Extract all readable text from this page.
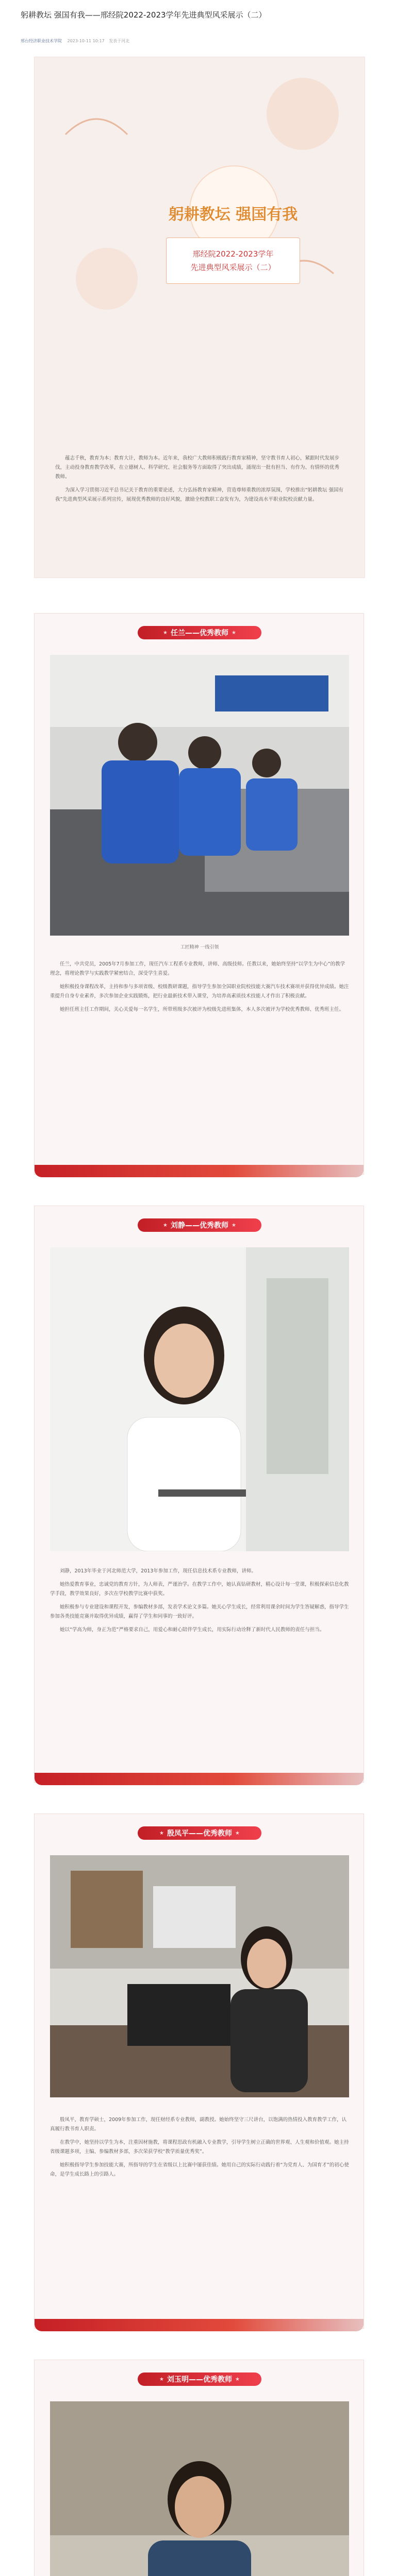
躬耕教坛 强国有我——邢经院2022-2023学年先进典型风采展示（二）
邢台经济职业技术学院 2023-10-11 10:17 发表于河北
躬耕教坛 强国有我
邢经院2022-2023学年
先进典型风采展示（二）

蕴志千秋，教育为本；教育大计，教师为本。近年来，我校广大教师积极践行教育家精神，坚守教书育人初心，紧跟时代发展步伐，主动投身教育教学改革，在立德树人、科学研究、社会服务等方面取得了突出成绩，涌现出一批有担当、有作为、有情怀的优秀教师。

为深入学习贯彻习近平总书记关于教育的重要论述，大力弘扬教育家精神，营造尊师重教的浓厚氛围，学校推出“躬耕教坛 强国有我”先进典型风采展示系列宣传，展现优秀教师的良好风貌，激励全校教职工奋发有为，为建设高水平职业院校贡献力量。

★ 任兰——优秀教师 ★
工匠精神 一线引领

任兰，中共党员，2005年7月参加工作，现任汽车工程系专业教师，讲师、高级技师。任教以来，她始终坚持“以学生为中心”的教学理念，将理论教学与实践教学紧密结合，深受学生喜爱。

她积极投身课程改革，主持和参与多项省级、校级教研课题，指导学生参加全国职业院校技能大赛汽车技术赛项并获得优异成绩。她注重提升自身专业素养，多次参加企业实践锻炼，把行业最新技术带入课堂，为培养高素质技术技能人才作出了积极贡献。

她担任班主任工作期间，关心关爱每一名学生，所带班级多次被评为校级先进班集体，本人多次被评为学校优秀教师、优秀班主任。

★ 刘静——优秀教师 ★

刘静，2013年毕业于河北师范大学，2013年参加工作，现任信息技术系专业教师，讲师。

她热爱教育事业，忠诚党的教育方针，为人师表，严谨治学。在教学工作中，她认真钻研教材，精心设计每一堂课，积极探索信息化教学手段，教学效果良好，多次在学校教学比赛中获奖。

她积极参与专业建设和课程开发，参编教材多部，发表学术论文多篇。她关心学生成长，经常利用课余时间为学生答疑解惑，指导学生参加各类技能竞赛并取得优异成绩，赢得了学生和同事的一致好评。

她以“学高为师，身正为范”严格要求自己，用爱心和耐心陪伴学生成长，用实际行动诠释了新时代人民教师的责任与担当。

★ 殷凤平——优秀教师 ★

殷凤平，教育学硕士，2009年参加工作，现任财经系专业教师，副教授。她始终坚守三尺讲台，以饱满的热情投入教育教学工作，认真履行教书育人职责。

在教学中，她坚持以学生为本，注重因材施教，将课程思政有机融入专业教学，引导学生树立正确的世界观、人生观和价值观。她主持省级课题多项，主编、参编教材多部，多次荣获学校“教学质量优秀奖”。

她积极指导学生参加技能大赛，所指导的学生在省级以上比赛中屡获佳绩。她用自己的实际行动践行着“为党育人、为国育才”的初心使命，是学生成长路上的引路人。

★ 刘玉明——优秀教师 ★
